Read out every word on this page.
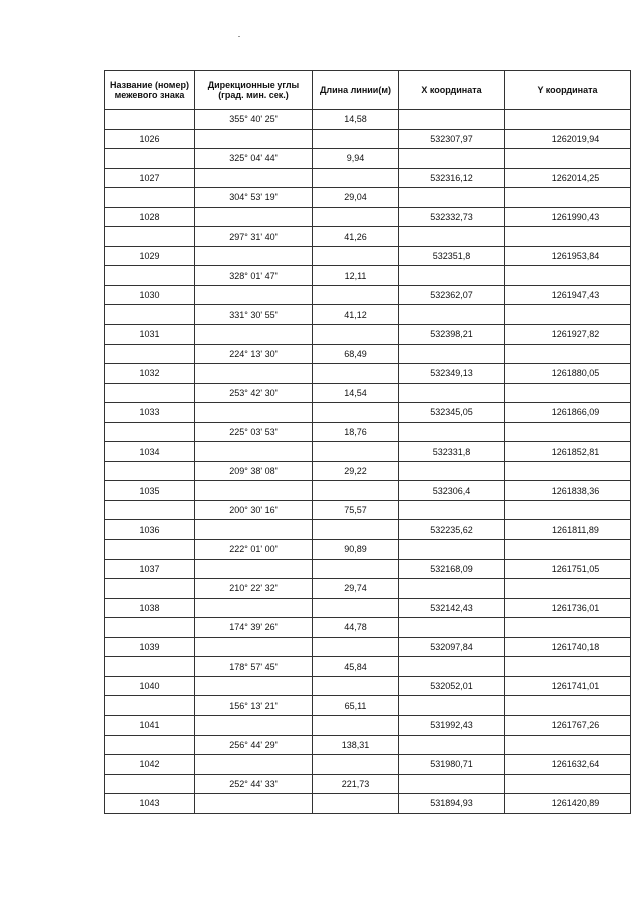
Название (номер) межевого знака	Дирекционные углы (град. мин. сек.)	Длина линии(м)	X координата	Y координата
	355° 40' 25"	14,58		
1026			532307,97	1262019,94
	325° 04' 44"	9,94		
1027			532316,12	1262014,25
	304° 53' 19"	29,04		
1028			532332,73	1261990,43
	297° 31' 40"	41,26		
1029			532351,8	1261953,84
	328° 01' 47"	12,11		
1030			532362,07	1261947,43
	331° 30' 55"	41,12		
1031			532398,21	1261927,82
	224° 13' 30"	68,49		
1032			532349,13	1261880,05
	253° 42' 30"	14,54		
1033			532345,05	1261866,09
	225° 03' 53"	18,76		
1034			532331,8	1261852,81
	209° 38' 08"	29,22		
1035			532306,4	1261838,36
	200° 30' 16"	75,57		
1036			532235,62	1261811,89
	222° 01' 00"	90,89		
1037			532168,09	1261751,05
	210° 22' 32"	29,74		
1038			532142,43	1261736,01
	174° 39' 26"	44,78		
1039			532097,84	1261740,18
	178° 57' 45"	45,84		
1040			532052,01	1261741,01
	156° 13' 21"	65,11		
1041			531992,43	1261767,26
	256° 44' 29"	138,31		
1042			531980,71	1261632,64
	252° 44' 33"	221,73		
1043			531894,93	1261420,89
